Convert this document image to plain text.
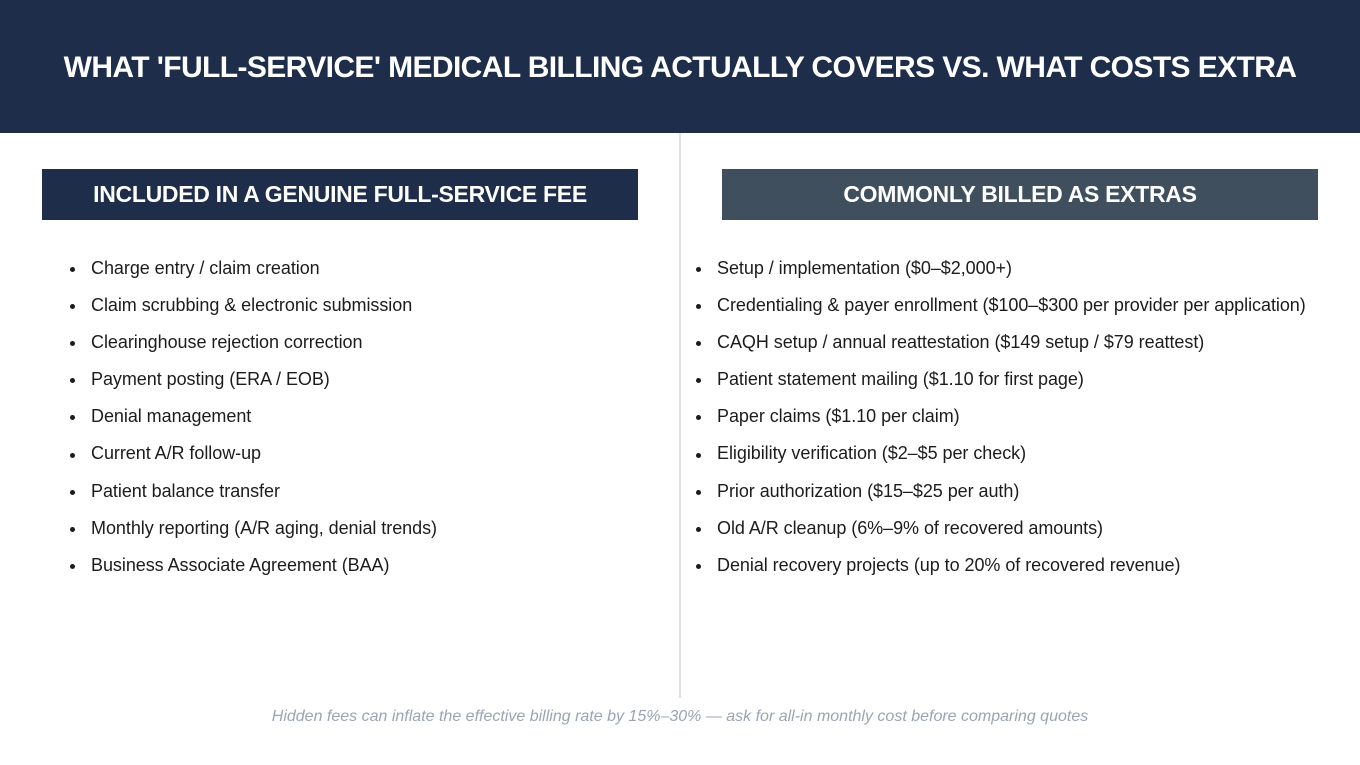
WHAT 'FULL-SERVICE' MEDICAL BILLING ACTUALLY COVERS VS. WHAT COSTS EXTRA
INCLUDED IN A GENUINE FULL-SERVICE FEE	COMMONLY BILLED AS EXTRAS
Charge entry / claim creation
Claim scrubbing & electronic submission
Clearinghouse rejection correction
Payment posting (ERA / EOB)
Denial management
Current A/R follow-up
Patient balance transfer
Monthly reporting (A/R aging, denial trends)
Business Associate Agreement (BAA)
Setup / implementation ($0–$2,000+)
Credentialing & payer enrollment ($100–$300 per provider per application)
CAQH setup / annual reattestation ($149 setup / $79 reattest)
Patient statement mailing ($1.10 for first page)
Paper claims ($1.10 per claim)
Eligibility verification ($2–$5 per check)
Prior authorization ($15–$25 per auth)
Old A/R cleanup (6%–9% of recovered amounts)
Denial recovery projects (up to 20% of recovered revenue)
Hidden fees can inflate the effective billing rate by 15%–30% — ask for all-in monthly cost before comparing quotes
